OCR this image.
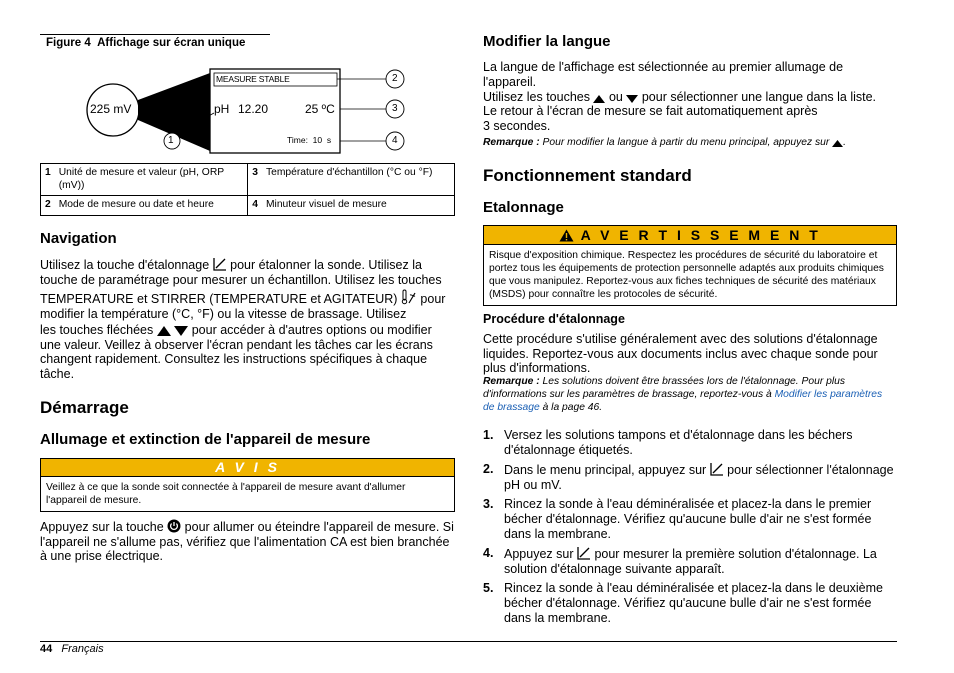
Figure 4 Affichage sur écran unique
225 mV
MEASURE STABLE
pH 12.20	25 ºC
Time: 10 s
1
2
3
4
1	Unité de mesure et valeur (pH, ORP (mV))	3	Température d'échantillon (°C ou °F)
2	Mode de mesure ou date et heure	4	Minuteur visuel de mesure
Navigation

Utilisez la touche d'étalonnage pour étalonner la sonde. Utilisez la touche de paramétrage pour mesurer un échantillon. Utilisez les touches

TEMPERATURE et STIRRER (TEMPERATURE et AGITATEUR) pour modifier la température (°C, °F) ou la vitesse de brassage. Utilisez

les touches fléchées	pour accéder à d'autres options ou modifier une valeur. Veillez à observer l'écran pendant les tâches car les écrans changent rapidement. Consultez les instructions spécifiques à chaque tâche.

Démarrage
Allumage et extinction de l'appareil de mesure
A V I S
Veillez à ce que la sonde soit connectée à l'appareil de mesure avant d'allumer l'appareil de mesure.

Appuyez sur la touche pour allumer ou éteindre l'appareil de mesure. Si l'appareil ne s'allume pas, vérifiez que l'alimentation CA est bien branchée à une prise électrique.

Modifier la langue

La langue de l'affichage est sélectionnée au premier allumage de l'appareil.

Utilisez les touches ou pour sélectionner une langue dans la liste.

Le retour à l'écran de mesure se fait automatiquement après 3 secondes.

Remarque : Pour modifier la langue à partir du menu principal, appuyez sur .
Fonctionnement standard
Etalonnage
A V E R T I S S E M E N T
Risque d'exposition chimique. Respectez les procédures de sécurité du laboratoire et portez tous les équipements de protection personnelle adaptés aux produits chimiques que vous manipulez. Reportez-vous aux fiches techniques de sécurité des matériaux (MSDS) pour connaître les protocoles de sécurité.
Procédure d'étalonnage

Cette procédure s'utilise généralement avec des solutions d'étalonnage liquides. Reportez-vous aux documents inclus avec chaque sonde pour plus d'informations.

Remarque : Les solutions doivent être brassées lors de l'étalonnage. Pour plus d'informations sur les paramètres de brassage, reportez-vous à Modifier les paramètres de brassage à la page 46.
1. Versez les solutions tampons et d'étalonnage dans les béchers d'étalonnage étiquetés.
2. Dans le menu principal, appuyez sur pour sélectionner l'étalonnage pH ou mV.
3. Rincez la sonde à l'eau déminéralisée et placez-la dans le premier bécher d'étalonnage. Vérifiez qu'aucune bulle d'air ne s'est formée dans la membrane.
4. Appuyez sur pour mesurer la première solution d'étalonnage. La solution d'étalonnage suivante apparaît.
5. Rincez la sonde à l'eau déminéralisée et placez-la dans le deuxième bécher d'étalonnage. Vérifiez qu'aucune bulle d'air ne s'est formée dans la membrane.
44 Français
